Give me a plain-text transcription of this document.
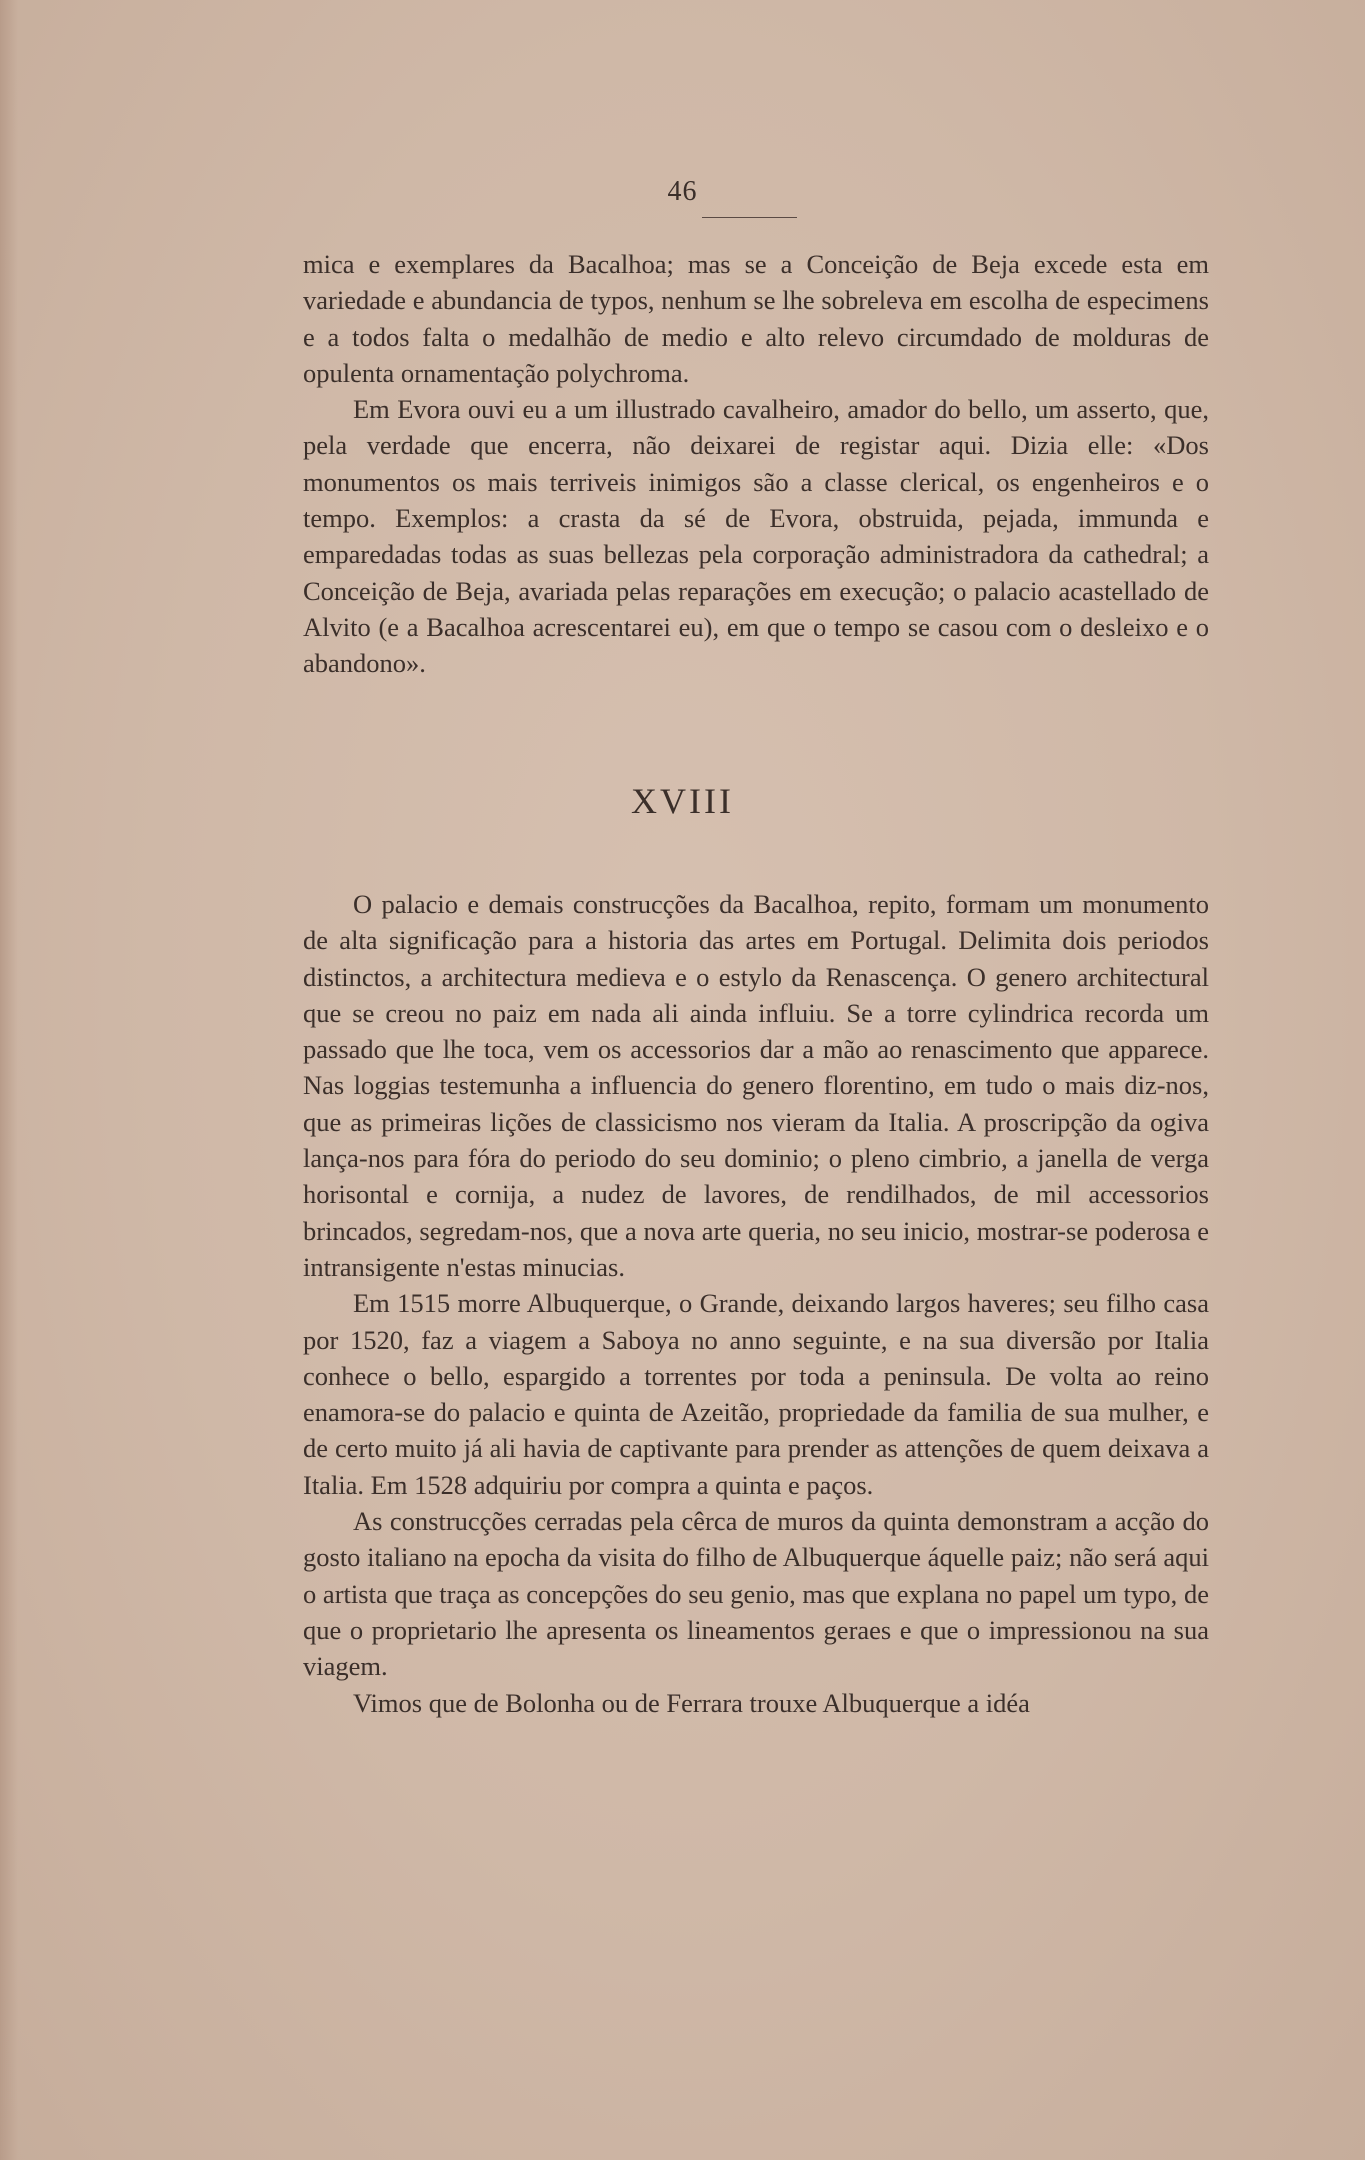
46

mica e exemplares da Bacalhoa; mas se a Conceição de Beja excede esta em variedade e abundancia de typos, nenhum se lhe sobreleva em escolha de especimens e a todos falta o medalhão de medio e alto relevo circumdado de molduras de opulenta ornamentação polychroma.

Em Evora ouvi eu a um illustrado cavalheiro, amador do bello, um asserto, que, pela verdade que encerra, não deixarei de registar aqui. Dizia elle: «Dos monumentos os mais terriveis inimigos são a classe clerical, os engenheiros e o tempo. Exemplos: a crasta da sé de Evora, obstruida, pejada, immunda e emparedadas todas as suas bellezas pela corporação administradora da cathedral; a Conceição de Beja, avariada pelas reparações em execução; o palacio acastellado de Alvito (e a Bacalhoa acrescentarei eu), em que o tempo se casou com o desleixo e o abandono».

XVIII

O palacio e demais construcções da Bacalhoa, repito, formam um monumento de alta significação para a historia das artes em Portugal. Delimita dois periodos distinctos, a architectura medieva e o estylo da Renascença. O genero architectural que se creou no paiz em nada ali ainda influiu. Se a torre cylindrica recorda um passado que lhe toca, vem os accessorios dar a mão ao renascimento que apparece. Nas loggias testemunha a influencia do genero florentino, em tudo o mais diz-nos, que as primeiras lições de classicismo nos vieram da Italia. A proscripção da ogiva lança-nos para fóra do periodo do seu dominio; o pleno cimbrio, a janella de verga horisontal e cornija, a nudez de lavores, de rendilhados, de mil accessorios brincados, segredam-nos, que a nova arte queria, no seu inicio, mostrar-se poderosa e intransigente n'estas minucias.

Em 1515 morre Albuquerque, o Grande, deixando largos haveres; seu filho casa por 1520, faz a viagem a Saboya no anno seguinte, e na sua diversão por Italia conhece o bello, espargido a torrentes por toda a peninsula. De volta ao reino enamora-se do palacio e quinta de Azeitão, propriedade da familia de sua mulher, e de certo muito já ali havia de captivante para prender as attenções de quem deixava a Italia. Em 1528 adquiriu por compra a quinta e paços.

As construcções cerradas pela cêrca de muros da quinta demonstram a acção do gosto italiano na epocha da visita do filho de Albuquerque áquelle paiz; não será aqui o artista que traça as concepções do seu genio, mas que explana no papel um typo, de que o proprietario lhe apresenta os lineamentos geraes e que o impressionou na sua viagem.

Vimos que de Bolonha ou de Ferrara trouxe Albuquerque a idéa
